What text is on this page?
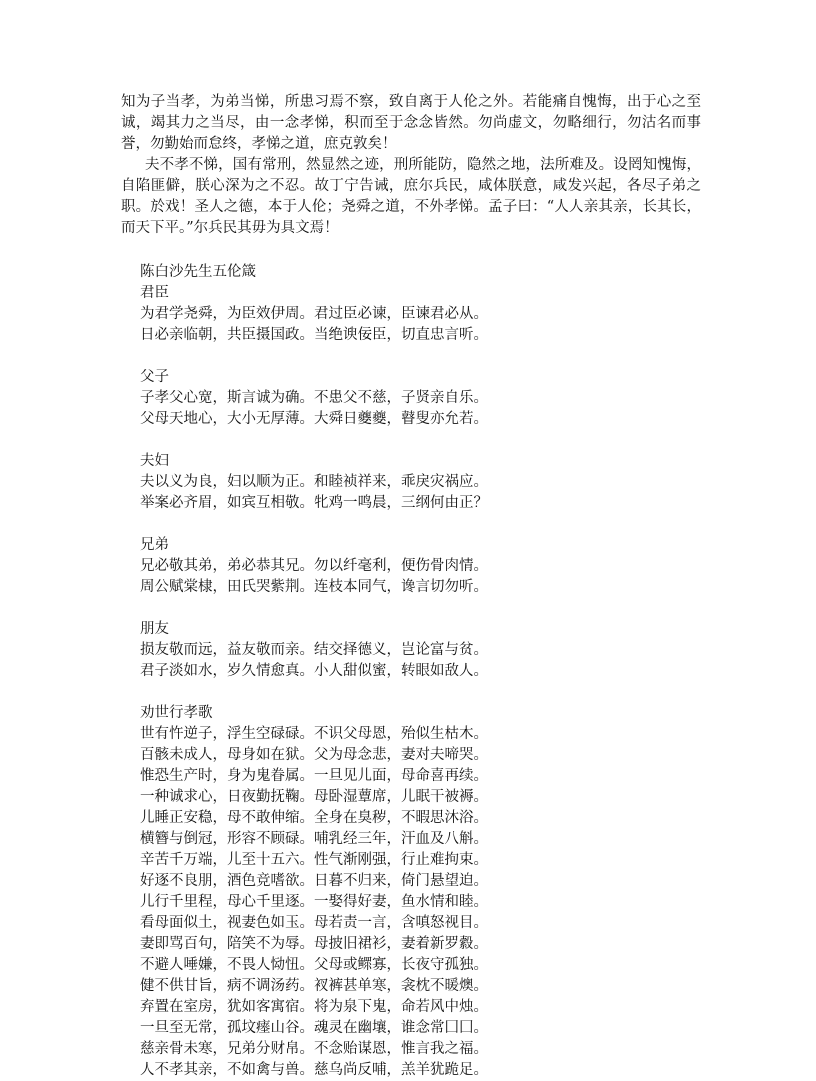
知为子当孝，为弟当悌，所患习焉不察，致自离于人伦之外。若能痛自愧悔，出于心之至诚，竭其力之当尽，由一念孝悌，积而至于念念皆然。勿尚虚文，勿略细行，勿沽名而事誉，勿勤始而怠终，孝悌之道，庶克敦矣！

夫不孝不悌，国有常刑，然显然之迹，刑所能防，隐然之地，法所难及。设罔知愧悔，自陷匪僻，朕心深为之不忍。故丁宁告诫，庶尔兵民，咸体朕意，咸发兴起，各尽子弟之职。於戏！圣人之德，本于人伦；尧舜之道，不外孝悌。孟子曰：“人人亲其亲，长其长，而天下平。”尔兵民其毋为具文焉！

陈白沙先生五伦箴

君臣

为君学尧舜，为臣效伊周。君过臣必谏，臣谏君必从。

日必亲临朝，共臣摄国政。当绝谀佞臣，切直忠言听。

父子

子孝父心宽，斯言诚为确。不患父不慈，子贤亲自乐。

父母天地心，大小无厚薄。大舜日夔夔，瞽叟亦允若。

夫妇

夫以义为良，妇以顺为正。和睦祯祥来，乖戾灾祸应。

举案必齐眉，如宾互相敬。牝鸡一鸣晨，三纲何由正？

兄弟

兄必敬其弟，弟必恭其兄。勿以纤毫利，便伤骨肉情。

周公赋棠棣，田氏哭紫荆。连枝本同气，谗言切勿听。

朋友

损友敬而远，益友敬而亲。结交择德义，岂论富与贫。

君子淡如水，岁久情愈真。小人甜似蜜，转眼如敌人。

劝世行孝歌

世有忤逆子，浮生空碌碌。不识父母恩，殆似生枯木。

百骸未成人，母身如在狱。父为母念悲，妻对夫啼哭。

惟恐生产时，身为鬼眷属。一旦见儿面，母命喜再续。

一种诚求心，日夜勤抚鞠。母卧湿蕈席，儿眠干被褥。

儿睡正安稳，母不敢伸缩。全身在臭秽，不暇思沐浴。

横簪与倒冠，形容不顾碌。哺乳经三年，汗血及八斛。

辛苦千万端，儿至十五六。性气渐刚强，行止难拘束。

好逐不良朋，酒色竞嗜欲。日暮不归来，倚门悬望迫。

儿行千里程，母心千里逐。一娶得好妻，鱼水情和睦。

看母面似土，视妻色如玉。母若责一言，含嗔怒视目。

妻即骂百句，陪笑不为辱。母披旧裙衫，妻着新罗縠。

不避人唾嫌，不畏人恸忸。父母或鳏寡，长夜守孤独。

健不供甘旨，病不调汤药。衩裤甚单寒，衾枕不暖燠。

弃置在室房，犹如客寓宿。将为泉下鬼，命若风中烛。

一旦至无常，孤坟瘗山谷。魂灵在幽壤，谁念常囗囗。

慈亲骨未寒，兄弟分财帛。不念贻谋恩，惟言我之福。

人不孝其亲，不如禽与兽。慈乌尚反哺，羔羊犹跪足。
